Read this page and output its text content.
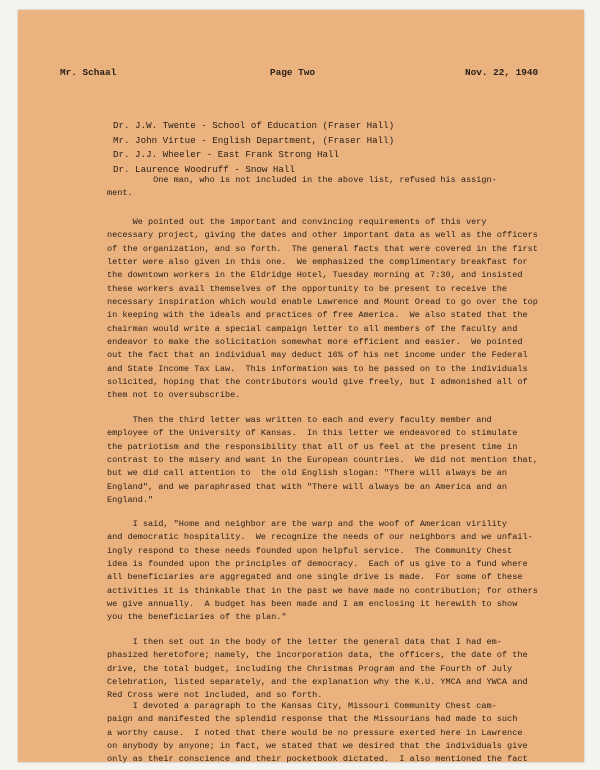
Mr. Schaal	Page Two	Nov. 22, 1940
Dr. J.W. Twente - School of Education (Fraser Hall)
Mr. John Virtue - English Department, (Fraser Hall)
Dr. J.J. Wheeler - East Frank Strong Hall
Dr. Laurence Woodruff - Snow Hall
One man, who is not included in the above list, refused his assign-
ment.
We pointed out the important and convincing requirements of this very
necessary project, giving the dates and other important data as well as the officers
of the organization, and so forth.  The general facts that were covered in the first
letter were also given in this one.  We emphasized the complimentary breakfast for
the downtown workers in the Eldridge Hotel, Tuesday morning at 7:30, and insisted
these workers avail themselves of the opportunity to be present to receive the
necessary inspiration which would enable Lawrence and Mount Oread to go over the top
in keeping with the ideals and practices of free America.  We also stated that the
chairman would write a special campaign letter to all members of the faculty and
endeavor to make the solicitation somewhat more efficient and easier.  We pointed
out the fact that an individual may deduct 16% of his net income under the Federal
and State Income Tax Law.  This information was to be passed on to the individuals
solicited, hoping that the contributors would give freely, but I admonished all of
them not to oversubscribe.
Then the third letter was written to each and every faculty member and
employee of the University of Kansas.  In this letter we endeavored to stimulate
the patriotism and the responsibility that all of us feel at the present time in
contrast to the misery and want in the European countries.  We did not mention that,
but we did call attention to  the old English slogan: "There will always be an
England", and we paraphrased that with "There will always be an America and an
England."
I said, "Home and neighbor are the warp and the woof of American virility
and democratic hospitality.  We recognize the needs of our neighbors and we unfail-
ingly respond to these needs founded upon helpful service.  The Community Chest
idea is founded upon the principles of democracy.  Each of us give to a fund where
all beneficiaries are aggregated and one single drive is made.  For some of these
activities it is thinkable that in the past we have made no contribution; for others
we give annually.  A budget has been made and I am enclosing it herewith to show
you the beneficiaries of the plan."
I then set out in the body of the letter the general data that I had em-
phasized heretofore; namely, the incorporation data, the officers, the date of the
drive, the total budget, including the Christmas Program and the Fourth of July
Celebration, listed separately, and the explanation why the K.U. YMCA and YWCA and
Red Cross were not included, and so forth.
I devoted a paragraph to the Kansas City, Missouri Community Chest cam-
paign and manifested the splendid response that the Missourians had made to such
a worthy cause.  I noted that there would be no pressure exerted here in Lawrence
on anybody by anyone; in fact, we stated that we desired that the individuals give
only as their conscience and their pocketbook dictated.  I also mentioned the fact
